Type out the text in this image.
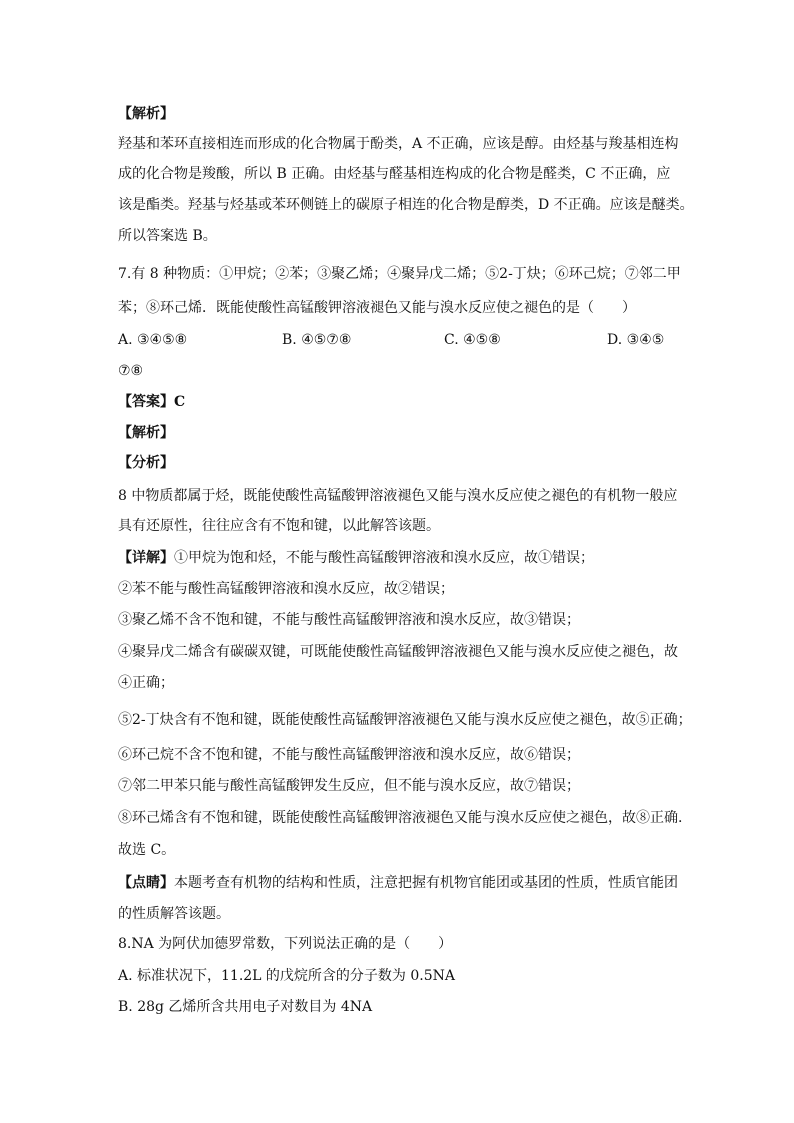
【解析】
羟基和苯环直接相连而形成的化合物属于酚类，A 不正确，应该是醇。由烃基与羧基相连构
成的化合物是羧酸，所以 B 正确。由烃基与醛基相连构成的化合物是醛类，C 不正确，应
该是酯类。羟基与烃基或苯环侧链上的碳原子相连的化合物是醇类，D 不正确。应该是醚类。
所以答案选 B。
7.有 8 种物质：①甲烷；②苯；③聚乙烯；④聚异戊二烯；⑤2-丁炔；⑥环己烷；⑦邻二甲
苯；⑧环己烯．既能使酸性高锰酸钾溶液褪色又能与溴水反应使之褪色的是（　　）
A. ③④⑤⑧	B. ④⑤⑦⑧	C. ④⑤⑧	D. ③④⑤
⑦⑧
【答案】C
【解析】
【分析】
8 中物质都属于烃，既能使酸性高锰酸钾溶液褪色又能与溴水反应使之褪色的有机物一般应
具有还原性，往往应含有不饱和键，以此解答该题。
【详解】①甲烷为饱和烃，不能与酸性高锰酸钾溶液和溴水反应，故①错误；
②苯不能与酸性高锰酸钾溶液和溴水反应，故②错误；
③聚乙烯不含不饱和键，不能与酸性高锰酸钾溶液和溴水反应，故③错误；
④聚异戊二烯含有碳碳双键，可既能使酸性高锰酸钾溶液褪色又能与溴水反应使之褪色，故
④正确；
⑤2-丁炔含有不饱和键，既能使酸性高锰酸钾溶液褪色又能与溴水反应使之褪色，故⑤正确；
⑥环己烷不含不饱和键，不能与酸性高锰酸钾溶液和溴水反应，故⑥错误；
⑦邻二甲苯只能与酸性高锰酸钾发生反应，但不能与溴水反应，故⑦错误；
⑧环己烯含有不饱和键，既能使酸性高锰酸钾溶液褪色又能与溴水反应使之褪色，故⑧正确.
故选 C。
【点睛】本题考查有机物的结构和性质，注意把握有机物官能团或基团的性质，性质官能团
的性质解答该题。
8.NA 为阿伏加德罗常数，下列说法正确的是（　　）
A. 标准状况下，11.2L 的戊烷所含的分子数为 0.5NA
B. 28g 乙烯所含共用电子对数目为 4NA
